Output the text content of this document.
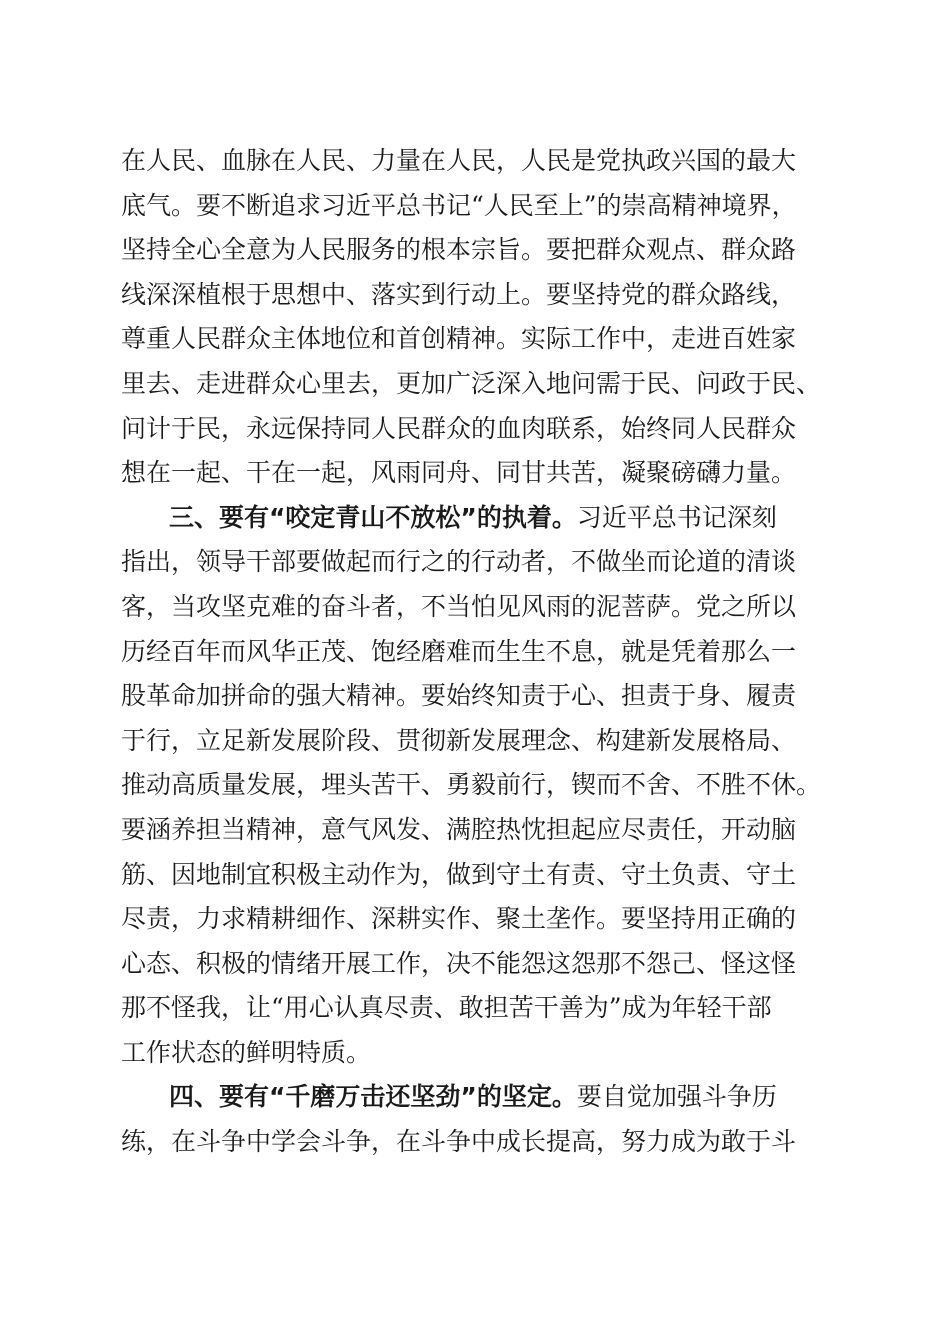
在人民、血脉在人民、力量在人民，人民是党执政兴国的最大
底气。要不断追求习近平总书记“人民至上”的崇高精神境界，
坚持全心全意为人民服务的根本宗旨。要把群众观点、群众路
线深深植根于思想中、落实到行动上。要坚持党的群众路线，
尊重人民群众主体地位和首创精神。实际工作中，走进百姓家
里去、走进群众心里去，更加广泛深入地问需于民、问政于民、
问计于民，永远保持同人民群众的血肉联系，始终同人民群众
想在一起、干在一起，风雨同舟、同甘共苦，凝聚磅礴力量。
三、要有“咬定青山不放松”的执着。习近平总书记深刻
指出，领导干部要做起而行之的行动者，不做坐而论道的清谈
客，当攻坚克难的奋斗者，不当怕见风雨的泥菩萨。党之所以
历经百年而风华正茂、饱经磨难而生生不息，就是凭着那么一
股革命加拼命的强大精神。要始终知责于心、担责于身、履责
于行，立足新发展阶段、贯彻新发展理念、构建新发展格局、
推动高质量发展，埋头苦干、勇毅前行，锲而不舍、不胜不休。
要涵养担当精神，意气风发、满腔热忱担起应尽责任，开动脑
筋、因地制宜积极主动作为，做到守土有责、守土负责、守土
尽责，力求精耕细作、深耕实作、聚土垄作。要坚持用正确的
心态、积极的情绪开展工作，决不能怨这怨那不怨己、怪这怪
那不怪我，让“用心认真尽责、敢担苦干善为”成为年轻干部
工作状态的鲜明特质。
四、要有“千磨万击还坚劲”的坚定。要自觉加强斗争历
练，在斗争中学会斗争，在斗争中成长提高，努力成为敢于斗
